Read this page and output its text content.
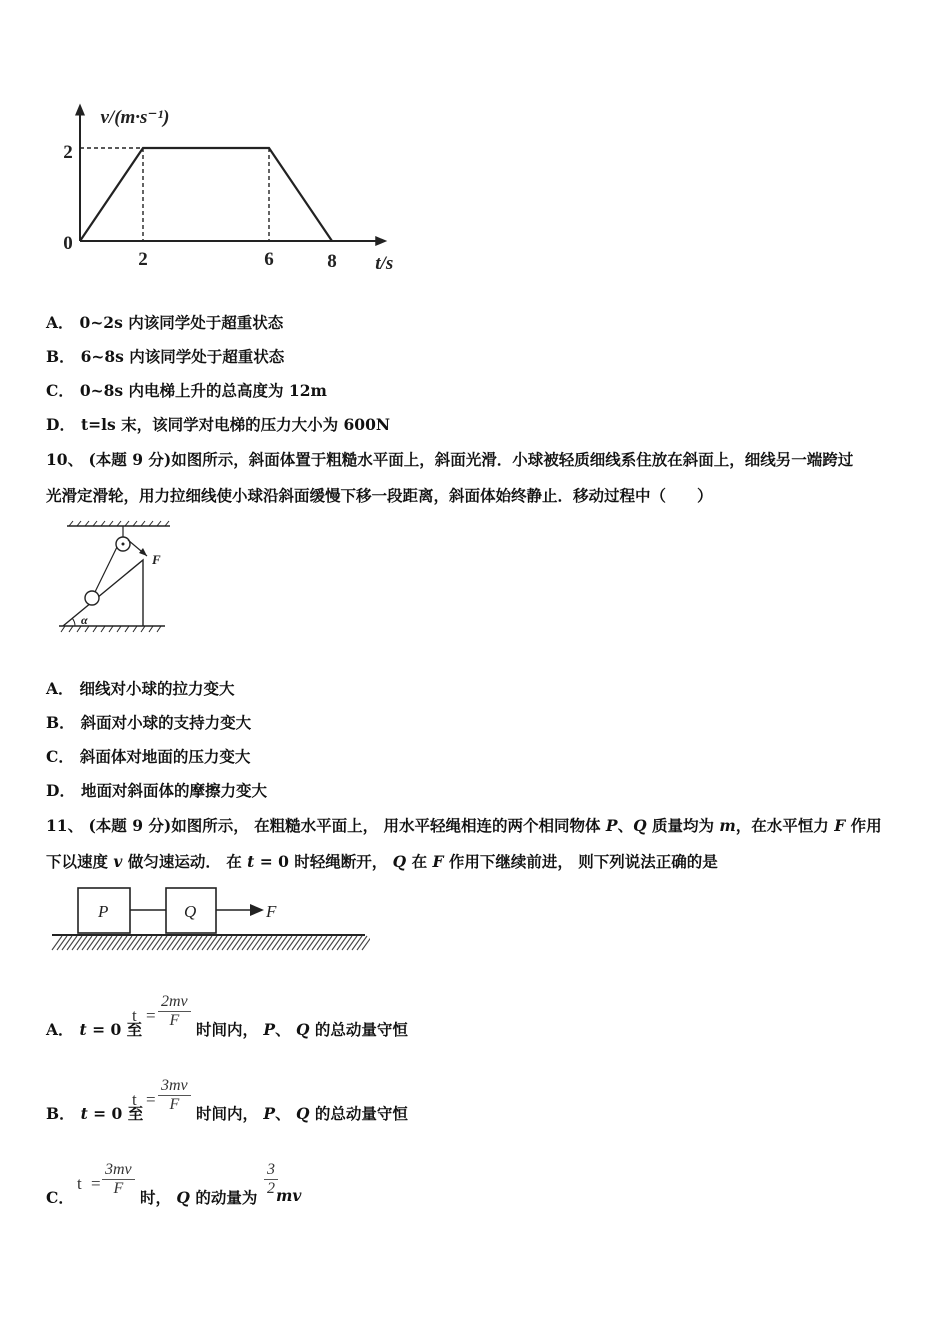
0
2	6	8
2
v/(m·s⁻¹)
t/s
A． 0~2s 内该同学处于超重状态
B． 6~8s 内该同学处于超重状态
C． 0~8s 内电梯上升的总高度为 12m
D． t=ls 末，该同学对电梯的压力大小为 600N
10、 (本题 9 分)如图所示，斜面体置于粗糙水平面上，斜面光滑．小球被轻质细线系住放在斜面上，细线另一端跨过
光滑定滑轮，用力拉细线使小球沿斜面缓慢下移一段距离，斜面体始终静止．移动过程中（　　）
F
α
A． 细线对小球的拉力变大
B． 斜面对小球的支持力变大
C． 斜面体对地面的压力变大
D． 地面对斜面体的摩擦力变大
11、 (本题 9 分)如图所示， 在粗糙水平面上， 用水平轻绳相连的两个相同物体 P、Q 质量均为 m，在水平恒力 F 作用
下以速度 v 做匀速运动． 在 t = 0 时轻绳断开， Q 在 F 作用下继续前进， 则下列说法正确的是
P	Q	F
A． t = 0 至
t =
2mv
F	时间内， P、 Q 的总动量守恒
B． t = 0 至
t =
3mv
F	时间内， P、 Q 的总动量守恒
C．
t =
3mv
F	时， Q 的动量为
3
2 mv
